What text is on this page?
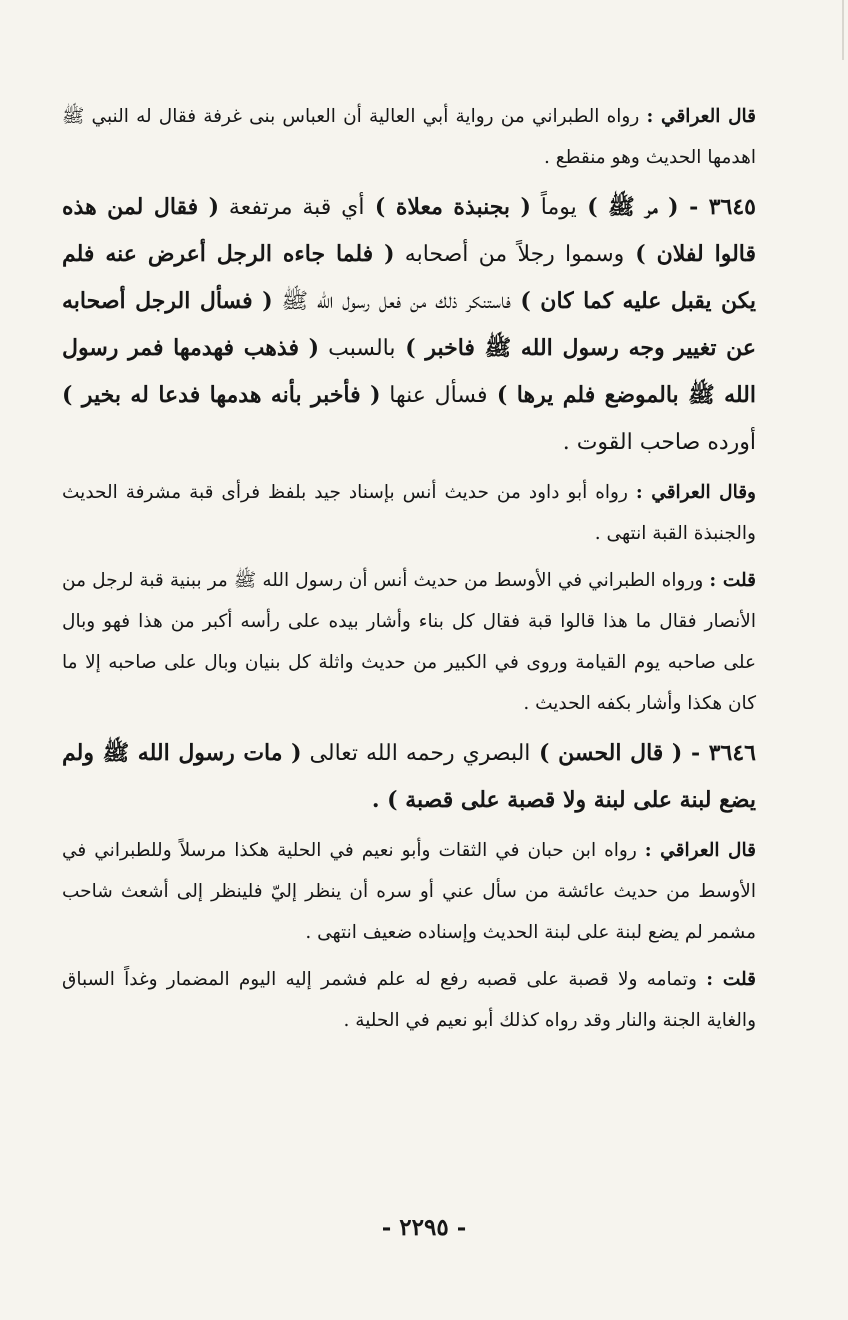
قال العراقي : رواه الطبراني من رواية أبي العالية أن العباس بنى غرفة فقال له النبي ﷺ اهدمها الحديث وهو منقطع .

٣٦٤٥ - ( مر ﷺ ) يوماً ( بجنبذة معلاة ) أي قبة مرتفعة ( فقال لمن هذه قالوا لفلان ) وسموا رجلاً من أصحابه ( فلما جاءه الرجل أعرض عنه فلم يكن يقبل عليه كما كان ) فاستنكر ذلك من فعل رسول الله ﷺ ( فسأل الرجل أصحابه عن تغيير وجه رسول الله ﷺ فاخبر ) بالسبب ( فذهب فهدمها فمر رسول الله ﷺ بالموضع فلم يرها ) فسأل عنها ( فأخبر بأنه هدمها فدعا له بخير ) أورده صاحب القوت .

وقال العراقي : رواه أبو داود من حديث أنس بإسناد جيد بلفظ فرأى قبة مشرفة الحديث والجنبذة القبة انتهى .

قلت : ورواه الطبراني في الأوسط من حديث أنس أن رسول الله ﷺ مر ببنية قبة لرجل من الأنصار فقال ما هذا قالوا قبة فقال كل بناء وأشار بيده على رأسه أكبر من هذا فهو وبال على صاحبه يوم القيامة وروى في الكبير من حديث واثلة كل بنيان وبال على صاحبه إلا ما كان هكذا وأشار بكفه الحديث .

٣٦٤٦ - ( قال الحسن ) البصري رحمه الله تعالى ( مات رسول الله ﷺ ولم يضع لبنة على لبنة ولا قصبة على قصبة ) .

قال العراقي : رواه ابن حبان في الثقات وأبو نعيم في الحلية هكذا مرسلاً وللطبراني في الأوسط من حديث عائشة من سأل عني أو سره أن ينظر إليّ فلينظر إلى أشعث شاحب مشمر لم يضع لبنة على لبنة الحديث وإسناده ضعيف انتهى .

قلت : وتمامه ولا قصبة على قصبه رفع له علم فشمر إليه اليوم المضمار وغداً السباق والغاية الجنة والنار وقد رواه كذلك أبو نعيم في الحلية .

- ٢٢٩٥ -
